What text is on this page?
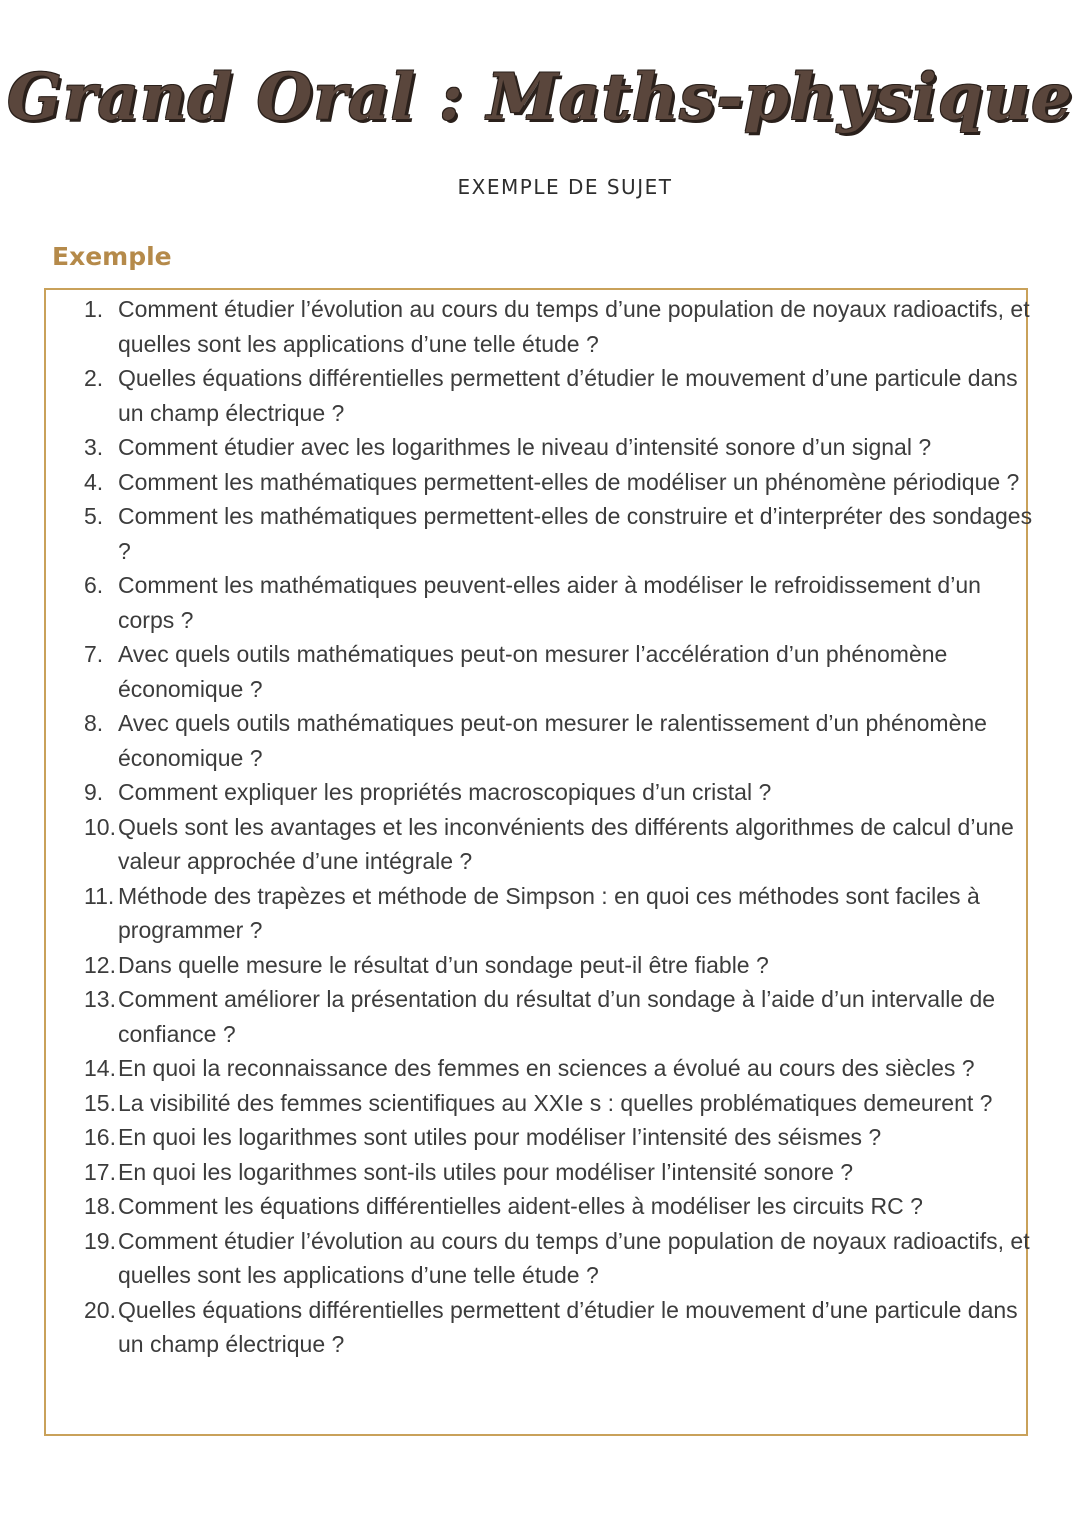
Grand Oral : Maths-physique
EXEMPLE DE SUJET
Exemple
1. Comment étudier l’évolution au cours du temps d’une population de noyaux radioactifs, et quelles sont les applications d’une telle étude ?
2. Quelles équations différentielles permettent d’étudier le mouvement d’une particule dans un champ électrique ?
3. Comment étudier avec les logarithmes le niveau d’intensité sonore d’un signal ?
4. Comment les mathématiques permettent-elles de modéliser un phénomène périodique ?
5. Comment les mathématiques permettent-elles de construire et d’interpréter des sondages ?
6. Comment les mathématiques peuvent-elles aider à modéliser le refroidissement d’un corps ?
7. Avec quels outils mathématiques peut-on mesurer l’accélération d’un phénomène économique ?
8. Avec quels outils mathématiques peut-on mesurer le ralentissement d’un phénomène économique ?
9. Comment expliquer les propriétés macroscopiques d’un cristal ?
10. Quels sont les avantages et les inconvénients des différents algorithmes de calcul d’une valeur approchée d’une intégrale ?
11. Méthode des trapèzes et méthode de Simpson : en quoi ces méthodes sont faciles à programmer ?
12. Dans quelle mesure le résultat d’un sondage peut-il être fiable ?
13. Comment améliorer la présentation du résultat d’un sondage à l’aide d’un intervalle de confiance ?
14. En quoi la reconnaissance des femmes en sciences a évolué au cours des siècles ?
15. La visibilité des femmes scientifiques au XXIe s : quelles problématiques demeurent ?
16. En quoi les logarithmes sont utiles pour modéliser l’intensité des séismes ?
17. En quoi les logarithmes sont-ils utiles pour modéliser l’intensité sonore ?
18. Comment les équations différentielles aident-elles à modéliser les circuits RC ?
19. Comment étudier l’évolution au cours du temps d’une population de noyaux radioactifs, et quelles sont les applications d’une telle étude ?
20. Quelles équations différentielles permettent d’étudier le mouvement d’une particule dans un champ électrique ?
